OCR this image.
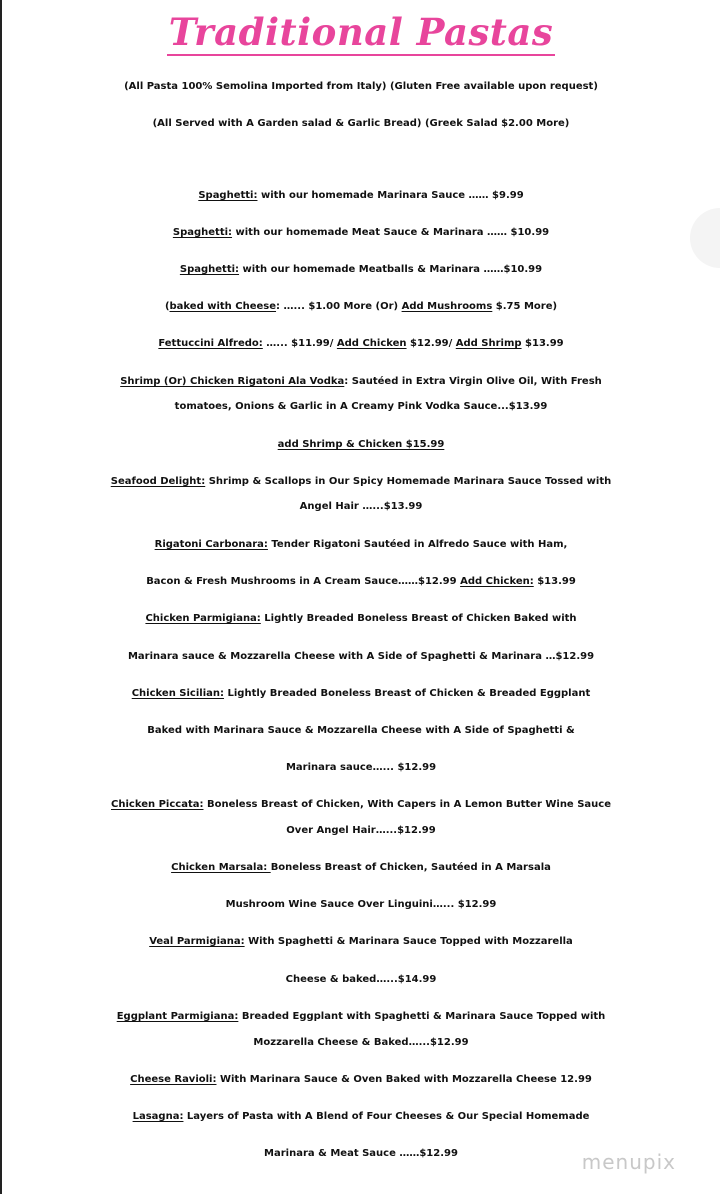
Traditional Pastas
(All Pasta 100% Semolina Imported from Italy) (Gluten Free available upon request)
(All Served with A Garden salad & Garlic Bread) (Greek Salad $2.00 More)
Spaghetti: with our homemade Marinara Sauce …… $9.99
Spaghetti: with our homemade Meat Sauce & Marinara …… $10.99
Spaghetti: with our homemade Meatballs & Marinara ……$10.99
(baked with Cheese: …... $1.00 More (Or) Add Mushrooms $.75 More)
Fettuccini Alfredo: …... $11.99/ Add Chicken $12.99/ Add Shrimp $13.99
Shrimp (Or) Chicken Rigatoni Ala Vodka: Sautéed in Extra Virgin Olive Oil, With Fresh
tomatoes, Onions & Garlic in A Creamy Pink Vodka Sauce...$13.99
add Shrimp & Chicken $15.99
Seafood Delight: Shrimp & Scallops in Our Spicy Homemade Marinara Sauce Tossed with
Angel Hair …...$13.99
Rigatoni Carbonara: Tender Rigatoni Sautéed in Alfredo Sauce with Ham,
Bacon & Fresh Mushrooms in A Cream Sauce……$12.99 Add Chicken: $13.99
Chicken Parmigiana: Lightly Breaded Boneless Breast of Chicken Baked with
Marinara sauce & Mozzarella Cheese with A Side of Spaghetti & Marinara …$12.99
Chicken Sicilian: Lightly Breaded Boneless Breast of Chicken & Breaded Eggplant
Baked with Marinara Sauce & Mozzarella Cheese with A Side of Spaghetti &
Marinara sauce…... $12.99
Chicken Piccata: Boneless Breast of Chicken, With Capers in A Lemon Butter Wine Sauce
Over Angel Hair…...$12.99
Chicken Marsala: Boneless Breast of Chicken, Sautéed in A Marsala
Mushroom Wine Sauce Over Linguini…... $12.99
Veal Parmigiana: With Spaghetti & Marinara Sauce Topped with Mozzarella
Cheese & baked…...$14.99
Eggplant Parmigiana: Breaded Eggplant with Spaghetti & Marinara Sauce Topped with
Mozzarella Cheese & Baked…...$12.99
Cheese Ravioli: With Marinara Sauce & Oven Baked with Mozzarella Cheese 12.99
Lasagna: Layers of Pasta with A Blend of Four Cheeses & Our Special Homemade
Marinara & Meat Sauce ……$12.99	menupix
